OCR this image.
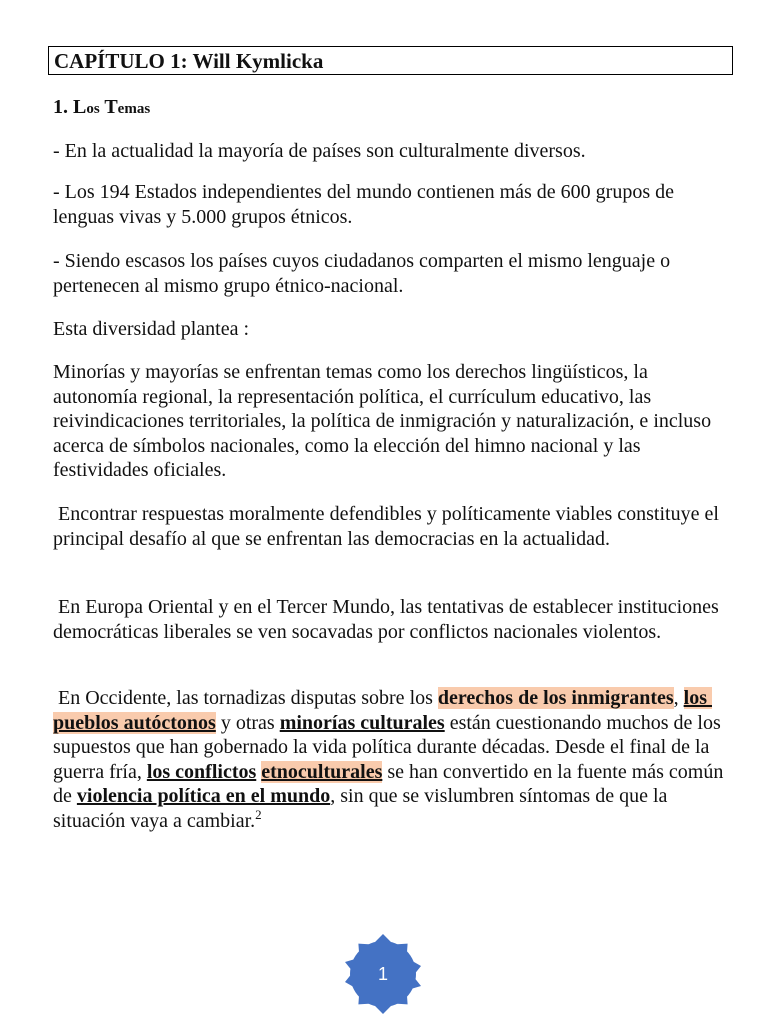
CAPÍTULO 1: Will Kymlicka
1. Los Temas

- En la actualidad la mayoría de países son culturalmente diversos.

- Los 194 Estados independientes del mundo contienen más de 600 grupos de lenguas vivas y 5.000 grupos étnicos.

- Siendo escasos los países cuyos ciudadanos comparten el mismo lenguaje o pertenecen al mismo grupo étnico-nacional.

Esta diversidad plantea :

Minorías y mayorías se enfrentan temas como los derechos lingüísticos, la autonomía regional, la representación política, el currículum educativo, las reivindicaciones territoriales, la política de inmigración y naturalización, e incluso acerca de símbolos nacionales, como la elección del himno nacional y las festividades oficiales.

Encontrar respuestas moralmente defendibles y políticamente viables constituye el principal desafío al que se enfrentan las democracias en la actualidad.

En Europa Oriental y en el Tercer Mundo, las tentativas de establecer instituciones democráticas liberales se ven socavadas por conflictos nacionales violentos.

En Occidente, las tornadizas disputas sobre los derechos de los inmigrantes, los pueblos autóctonos y otras minorías culturales están cuestionando muchos de los supuestos que han gobernado la vida política durante décadas. Desde el final de la guerra fría, los conflictos etnoculturales se han convertido en la fuente más común de violencia política en el mundo, sin que se vislumbren síntomas de que la situación vaya a cambiar.$^2$

1
